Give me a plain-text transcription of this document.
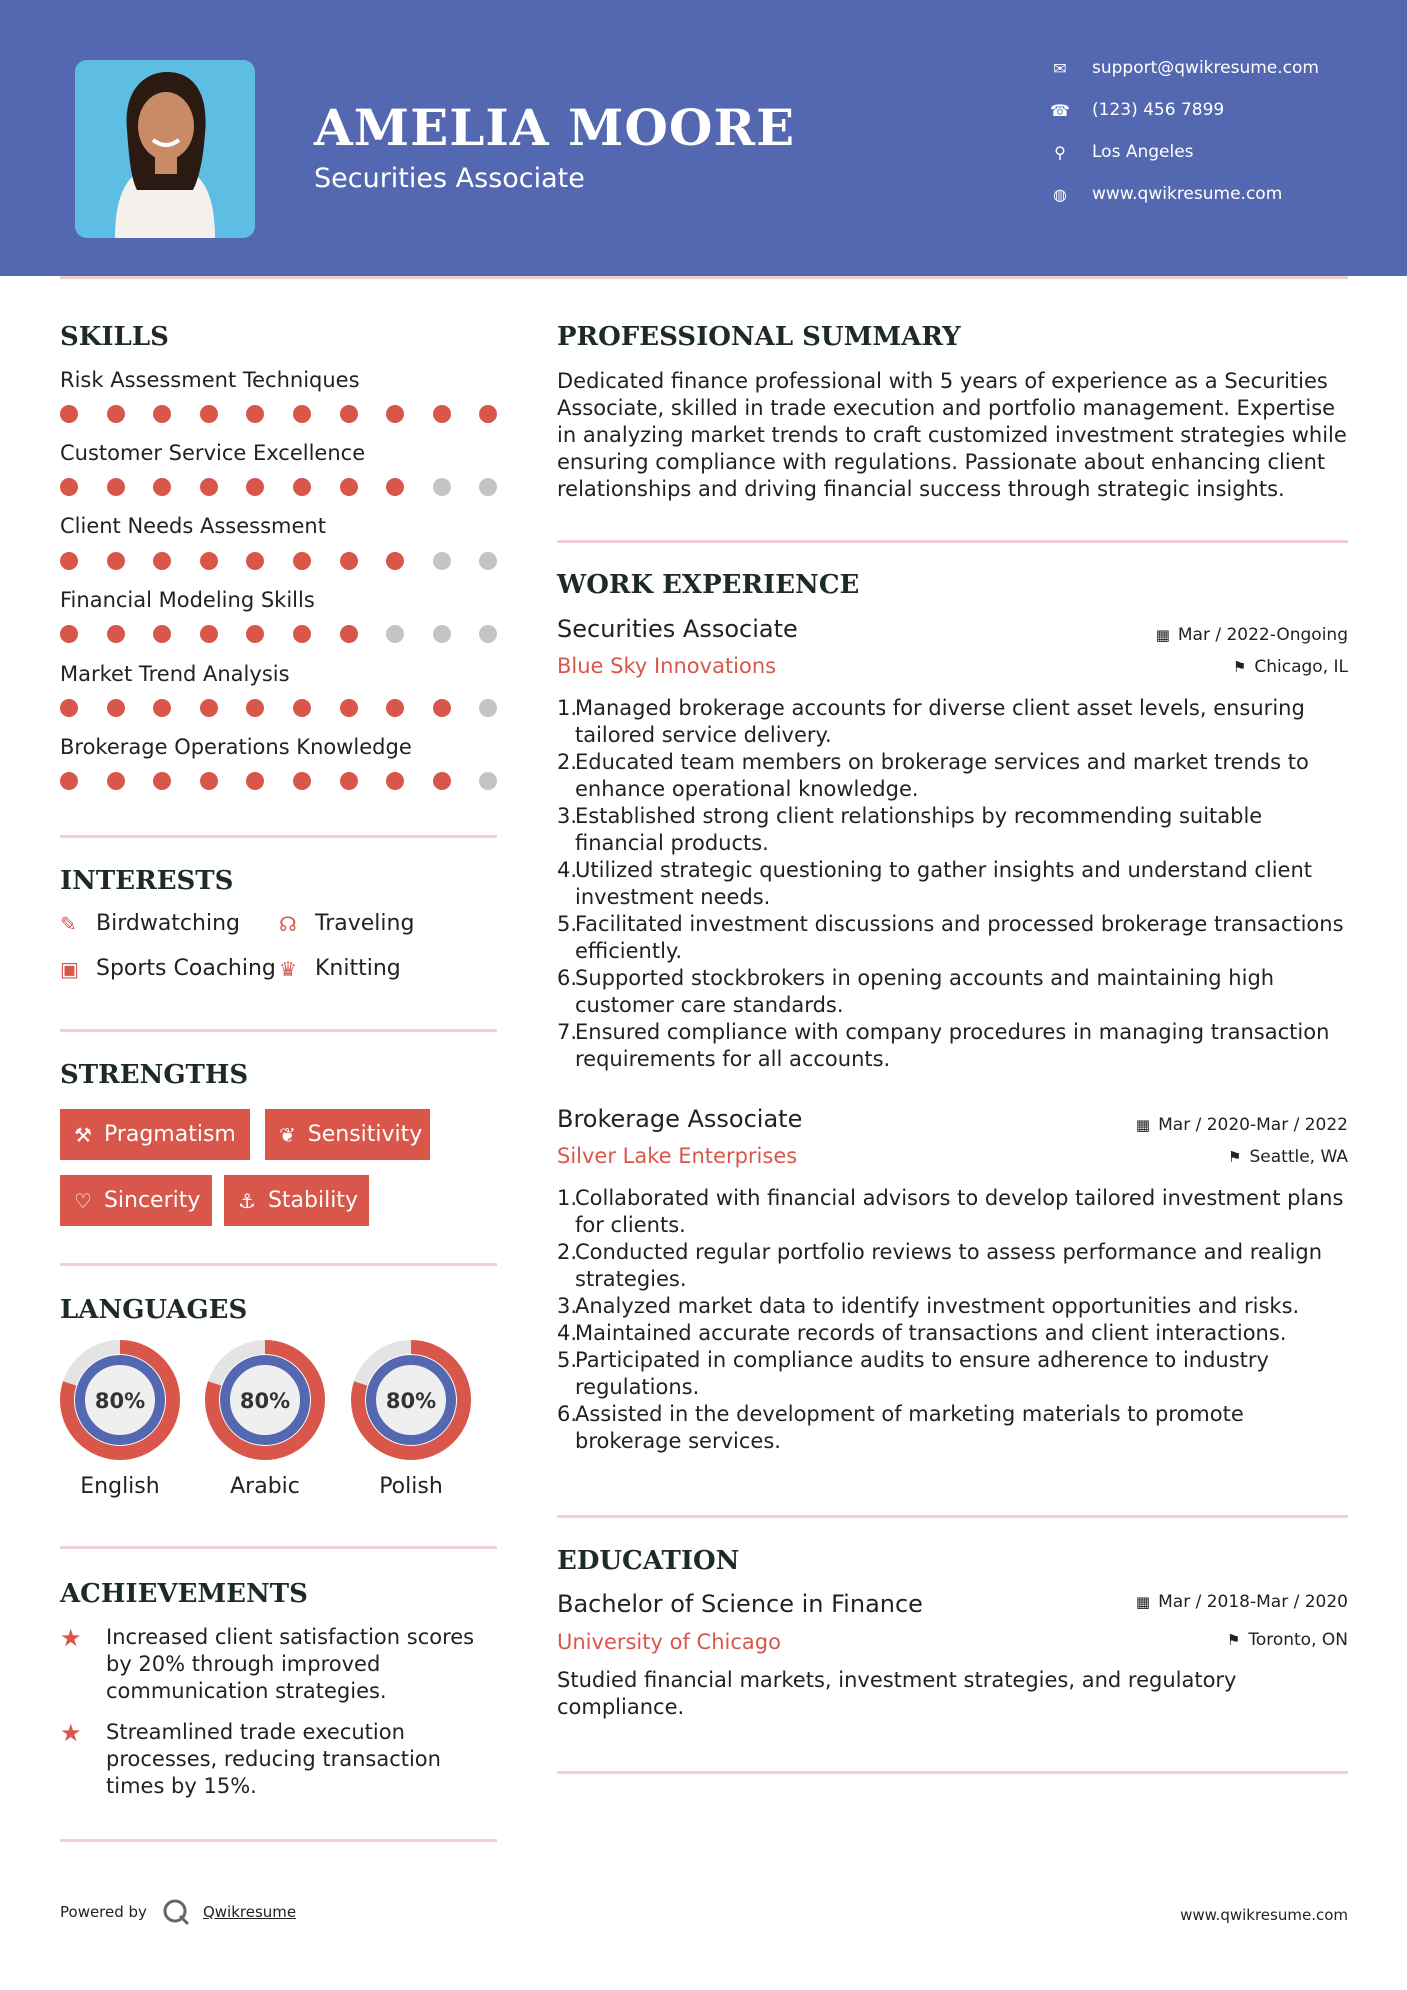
AMELIA MOORE
Securities Associate
✉ support@qwikresume.com
☎ (123) 456 7899
⚲ Los Angeles
◍ www.qwikresume.com
SKILLS
Risk Assessment Techniques
Customer Service Excellence
Client Needs Assessment
Financial Modeling Skills
Market Trend Analysis
Brokerage Operations Knowledge
INTERESTS
✎ Birdwatching ☊ Traveling
▣ Sports Coaching ♛ Knitting
STRENGTHS
⚒ Pragmatism ❦ Sensitivity
♡ Sincerity ⚓ Stability
LANGUAGES
80%	80%	80%
English	Arabic	Polish
ACHIEVEMENTS
★	Increased client satisfaction scores by 20% through improved communication strategies.
★	Streamlined trade execution processes, reducing transaction times by 15%.
PROFESSIONAL SUMMARY
Dedicated finance professional with 5 years of experience as a Securities Associate, skilled in trade execution and portfolio management. Expertise in analyzing market trends to craft customized investment strategies while ensuring compliance with regulations. Passionate about enhancing client relationships and driving financial success through strategic insights.
WORK EXPERIENCE
Securities Associate	▦ Mar / 2022-Ongoing
Blue Sky Innovations	⚑ Chicago, IL
1.
Managed brokerage accounts for diverse client asset levels, ensuring tailored service delivery.
2.
Educated team members on brokerage services and market trends to enhance operational knowledge.
3.
Established strong client relationships by recommending suitable financial products.
4.
Utilized strategic questioning to gather insights and understand client investment needs.
5.
Facilitated investment discussions and processed brokerage transactions efficiently.
6.
Supported stockbrokers in opening accounts and maintaining high customer care standards.
7.
Ensured compliance with company procedures in managing transaction requirements for all accounts.
Brokerage Associate	▦ Mar / 2020-Mar / 2022
Silver Lake Enterprises	⚑ Seattle, WA
1.
Collaborated with financial advisors to develop tailored investment plans for clients.
2.
Conducted regular portfolio reviews to assess performance and realign strategies.
3.
Analyzed market data to identify investment opportunities and risks.
4.
Maintained accurate records of transactions and client interactions.
5.
Participated in compliance audits to ensure adherence to industry regulations.
6.
Assisted in the development of marketing materials to promote brokerage services.
EDUCATION
Bachelor of Science in Finance	▦ Mar / 2018-Mar / 2020
University of Chicago	⚑ Toronto, ON
Studied financial markets, investment strategies, and regulatory compliance.
Powered by	Qwikresume	www.qwikresume.com
